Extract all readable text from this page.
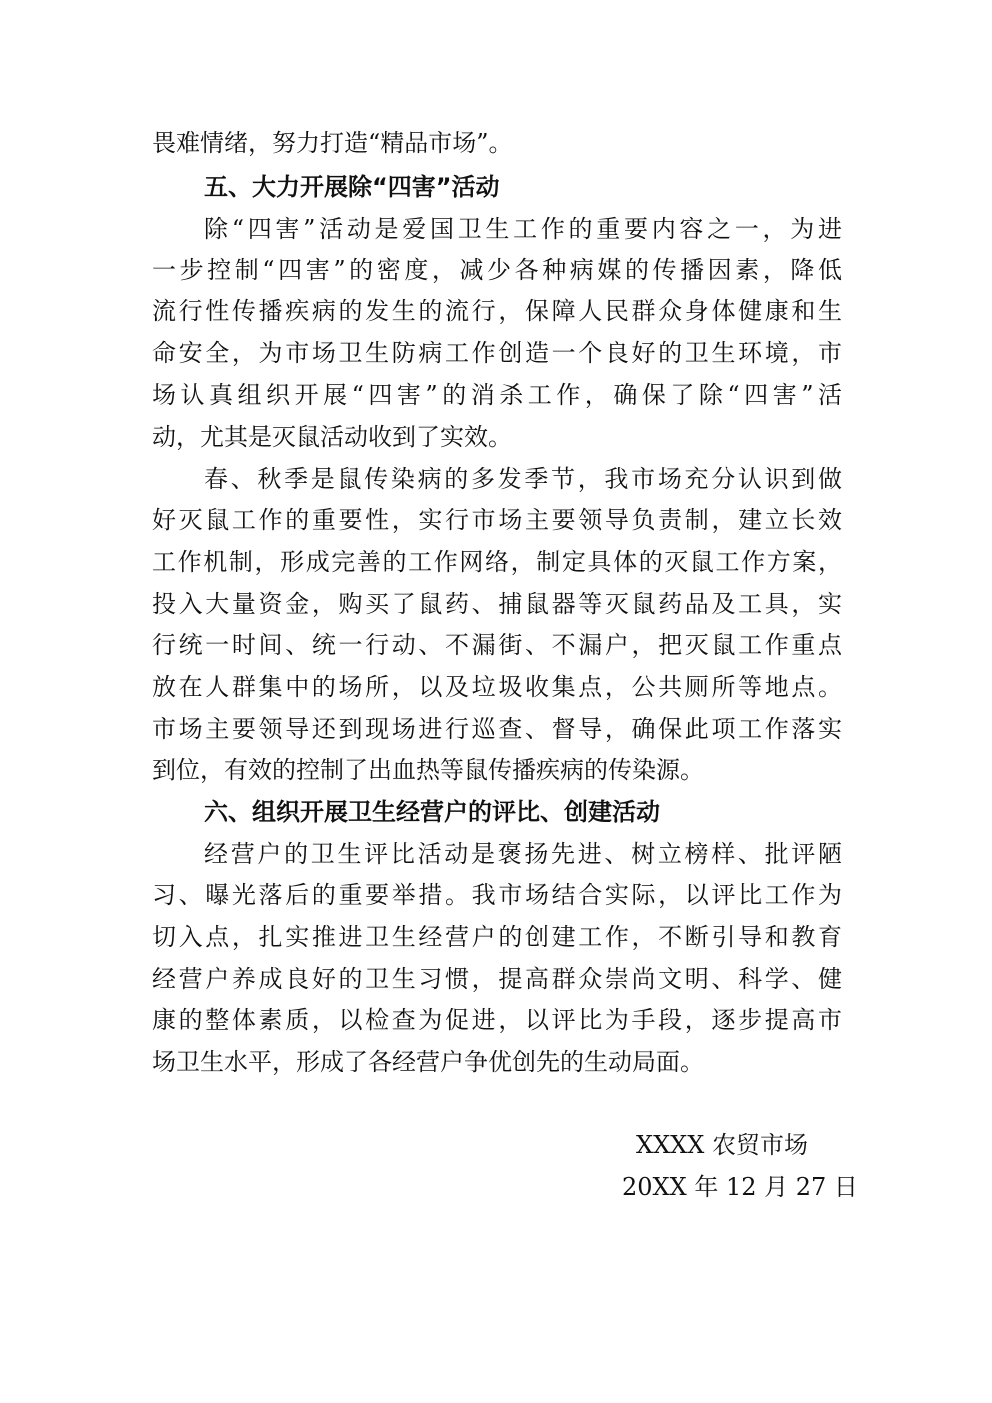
畏难情绪，努力打造“精品市场”。
五、大力开展除“四害”活动
除“四害”活动是爱国卫生工作的重要内容之一，为进
一步控制“四害”的密度，减少各种病媒的传播因素，降低
流行性传播疾病的发生的流行，保障人民群众身体健康和生
命安全，为市场卫生防病工作创造一个良好的卫生环境，市
场认真组织开展“四害”的消杀工作，确保了除“四害”活
动，尤其是灭鼠活动收到了实效。
春、秋季是鼠传染病的多发季节，我市场充分认识到做
好灭鼠工作的重要性，实行市场主要领导负责制，建立长效
工作机制，形成完善的工作网络，制定具体的灭鼠工作方案，
投入大量资金，购买了鼠药、捕鼠器等灭鼠药品及工具，实
行统一时间、统一行动、不漏街、不漏户，把灭鼠工作重点
放在人群集中的场所，以及垃圾收集点，公共厕所等地点。
市场主要领导还到现场进行巡查、督导，确保此项工作落实
到位，有效的控制了出血热等鼠传播疾病的传染源。
六、组织开展卫生经营户的评比、创建活动
经营户的卫生评比活动是褒扬先进、树立榜样、批评陋
习、曝光落后的重要举措。我市场结合实际，以评比工作为
切入点，扎实推进卫生经营户的创建工作，不断引导和教育
经营户养成良好的卫生习惯，提高群众崇尚文明、科学、健
康的整体素质，以检查为促进，以评比为手段，逐步提高市
场卫生水平，形成了各经营户争优创先的生动局面。
XXXX 农贸市场
20XX 年 12 月 27 日
